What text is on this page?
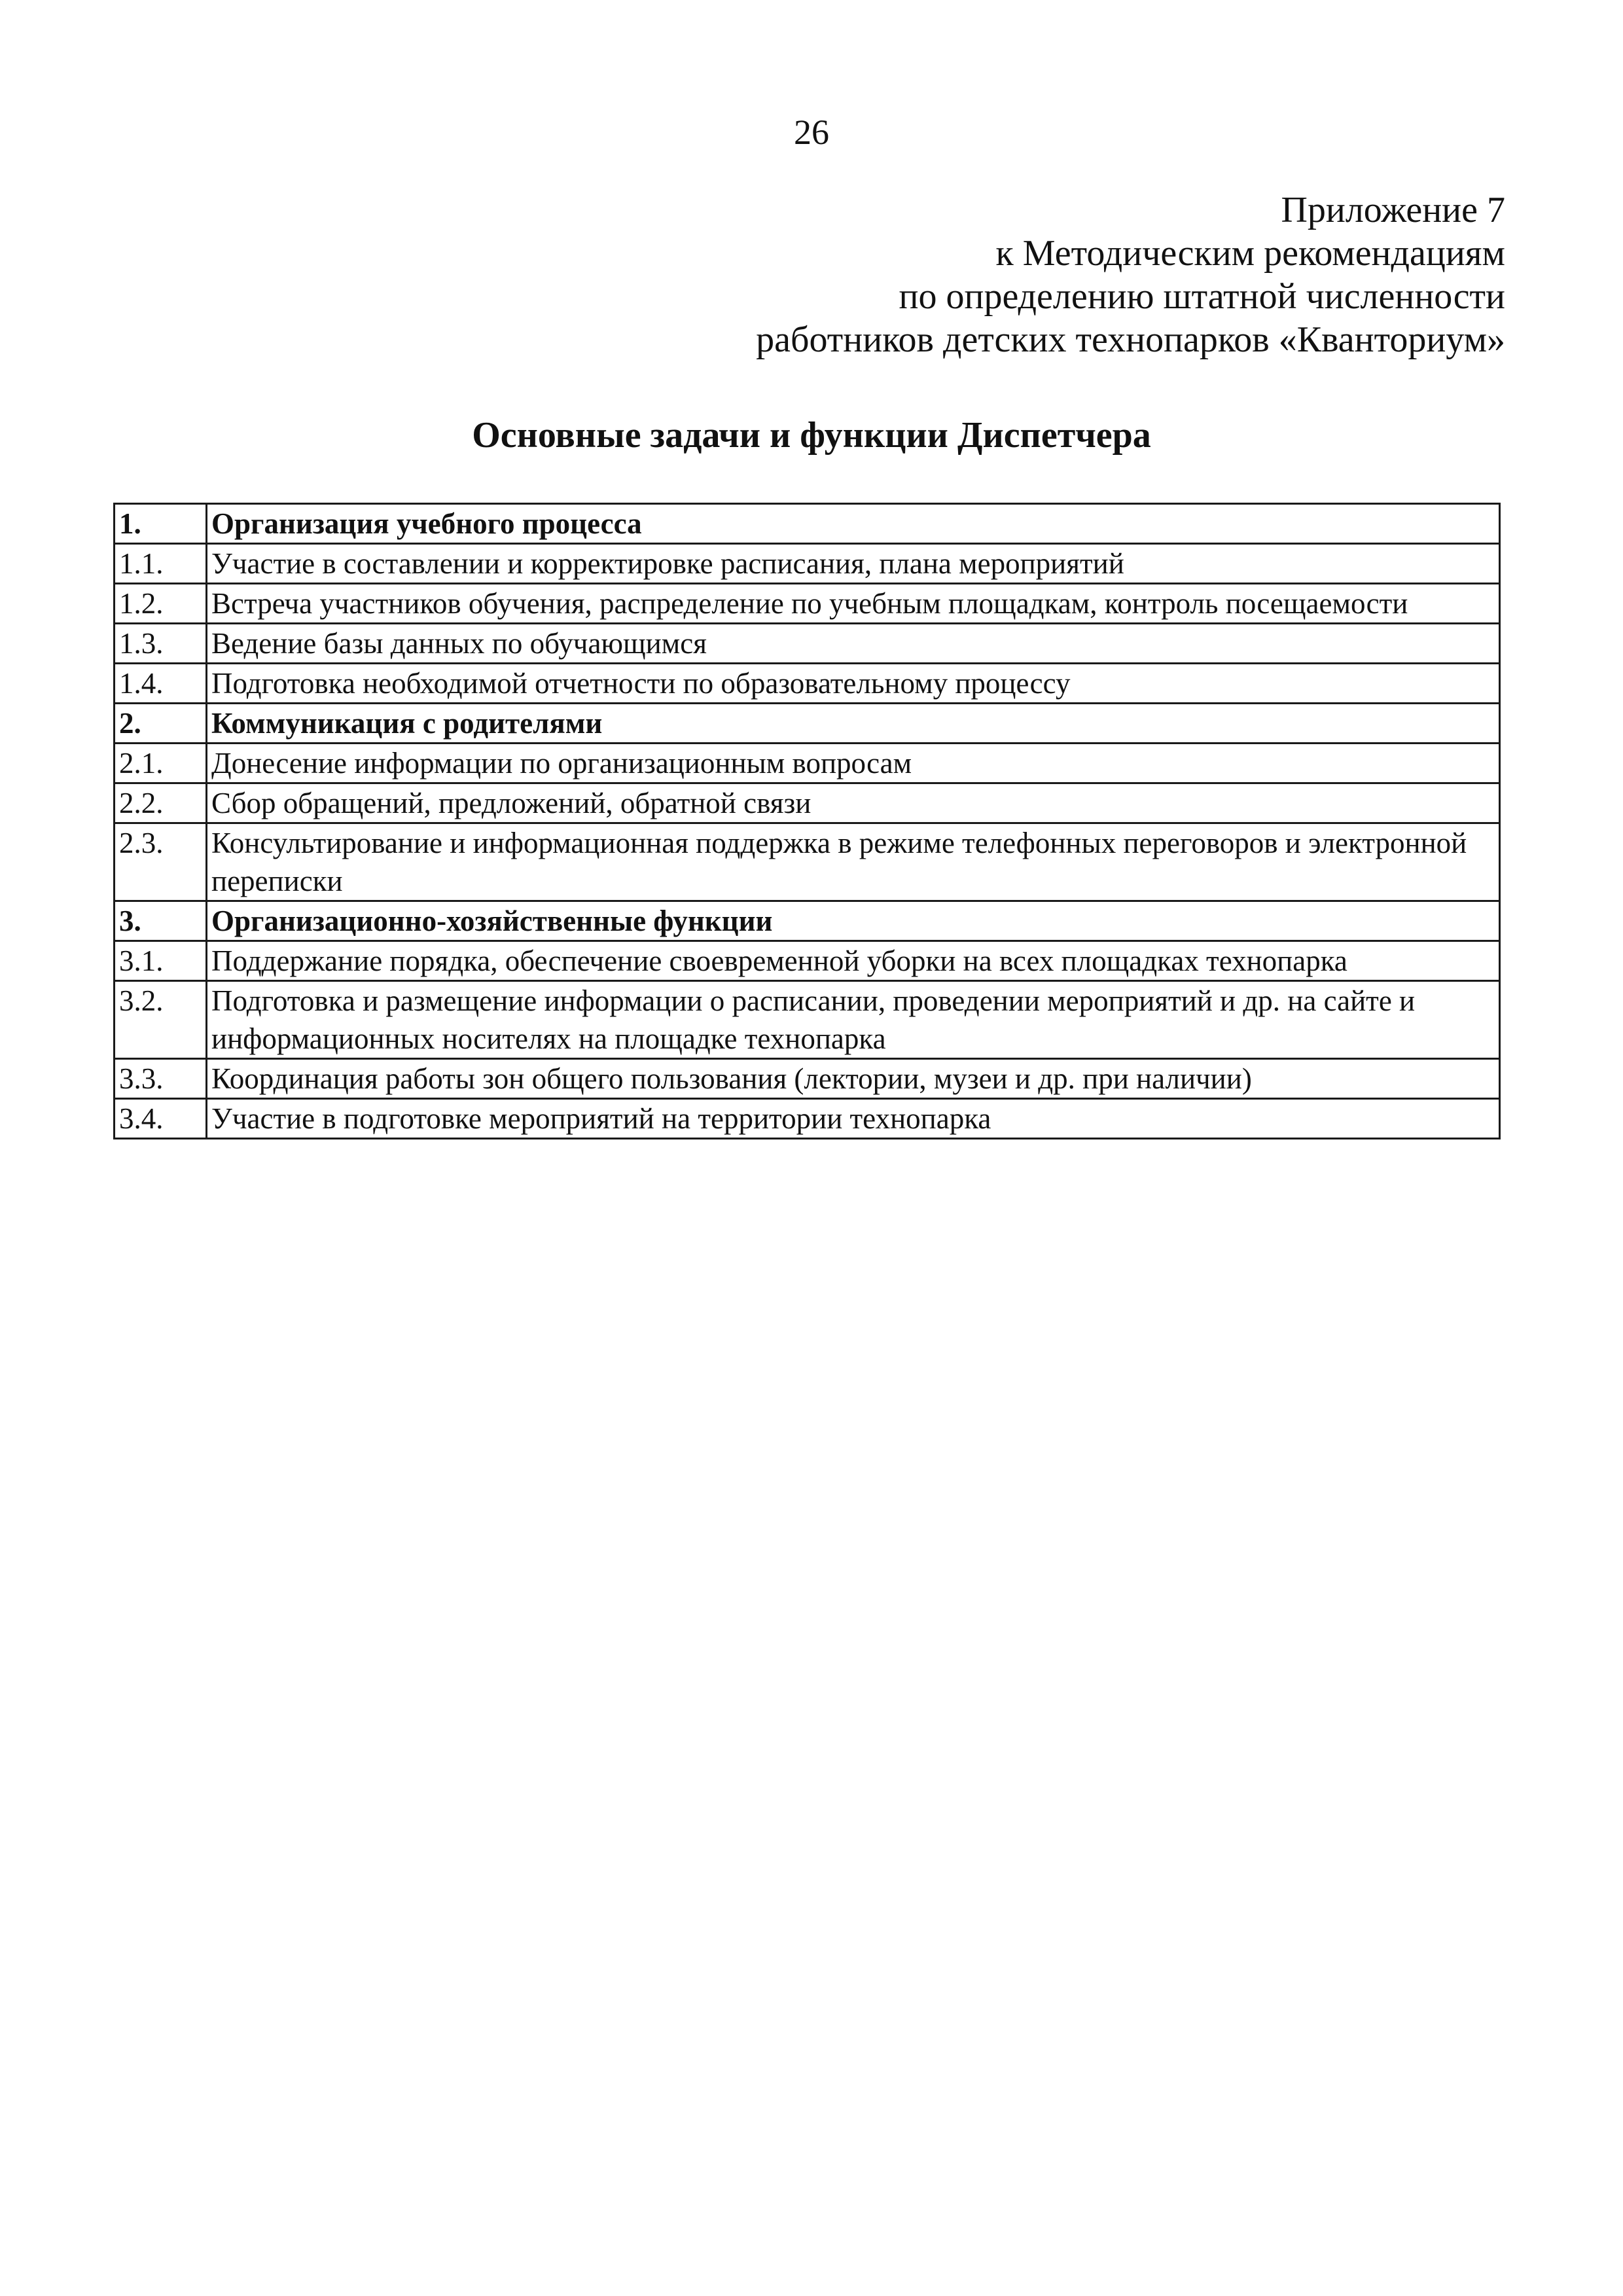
26
Приложение 7
к Методическим рекомендациям
по определению штатной численности
работников детских технопарков «Кванториум»
Основные задачи и функции Диспетчера
1.	Организация учебного процесса
1.1.	Участие в составлении и корректировке расписания, плана мероприятий
1.2.	Встреча участников обучения, распределение по учебным площадкам, контроль посещаемости
1.3.	Ведение базы данных по обучающимся
1.4.	Подготовка необходимой отчетности по образовательному процессу
2.	Коммуникация с родителями
2.1.	Донесение информации по организационным вопросам
2.2.	Сбор обращений, предложений, обратной связи
2.3.	Консультирование и информационная поддержка в режиме телефонных переговоров и электронной переписки
3.	Организационно-хозяйственные функции
3.1.	Поддержание порядка, обеспечение своевременной уборки на всех площадках технопарка
3.2.	Подготовка и размещение информации о расписании, проведении мероприятий и др. на сайте и информационных носителях на площадке технопарка
3.3.	Координация работы зон общего пользования (лектории, музеи и др. при наличии)
3.4.	Участие в подготовке мероприятий на территории технопарка
